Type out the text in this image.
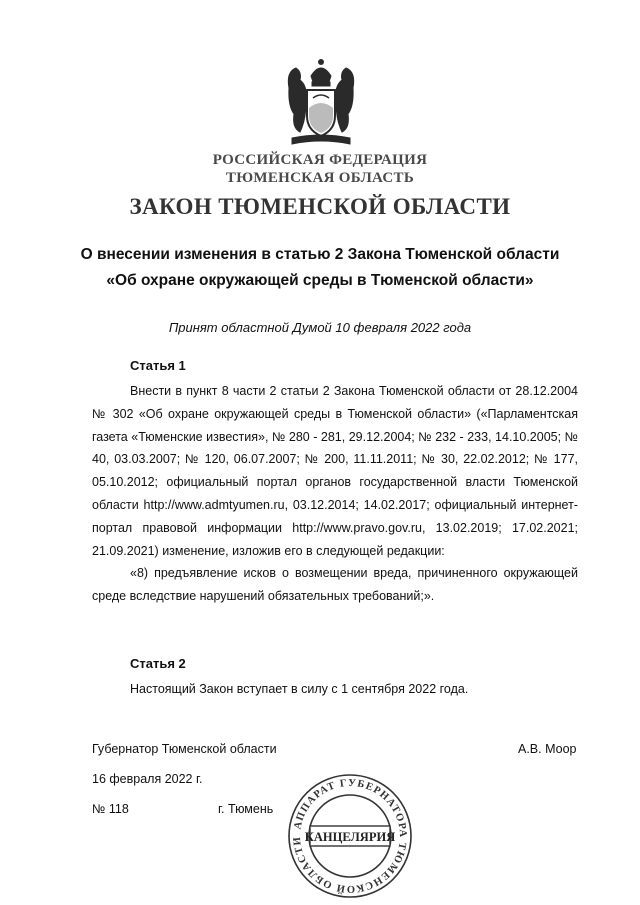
РОССИЙСКАЯ ФЕДЕРАЦИЯ
ТЮМЕНСКАЯ ОБЛАСТЬ
ЗАКОН ТЮМЕНСКОЙ ОБЛАСТИ
О внесении изменения в статью 2 Закона Тюменской области
«Об охране окружающей среды в Тюменской области»
Принят областной Думой 10 февраля 2022 года
Статья 1

Внести в пункт 8 части 2 статьи 2 Закона Тюменской области от 28.12.2004 № 302 «Об охране окружающей среды в Тюменской области» («Парламентская газета «Тюменские известия», № 280 - 281, 29.12.2004; № 232 - 233, 14.10.2005; № 40, 03.03.2007; № 120, 06.07.2007; № 200, 11.11.2011; № 30, 22.02.2012; № 177, 05.10.2012; официальный портал органов государственной власти Тюменской области http://www.admtyumen.ru, 03.12.2014; 14.02.2017; официальный интернет-портал правовой информации http://www.pravo.gov.ru, 13.02.2019; 17.02.2021; 21.09.2021) изменение, изложив его в следующей редакции:

«8) предъявление исков о возмещении вреда, причиненного окружающей среде вследствие нарушений обязательных требований;».

Статья 2

Настоящий Закон вступает в силу с 1 сентября 2022 года.

Губернатор Тюменской области	А.В. Моор
16 февраля 2022 г.
№ 118	г. Тюмень
АППАРАТ ГУБЕРНАТОРА ТЮМЕНСКОЙ ОБЛАСТИ КАНЦЕЛЯРИЯ
